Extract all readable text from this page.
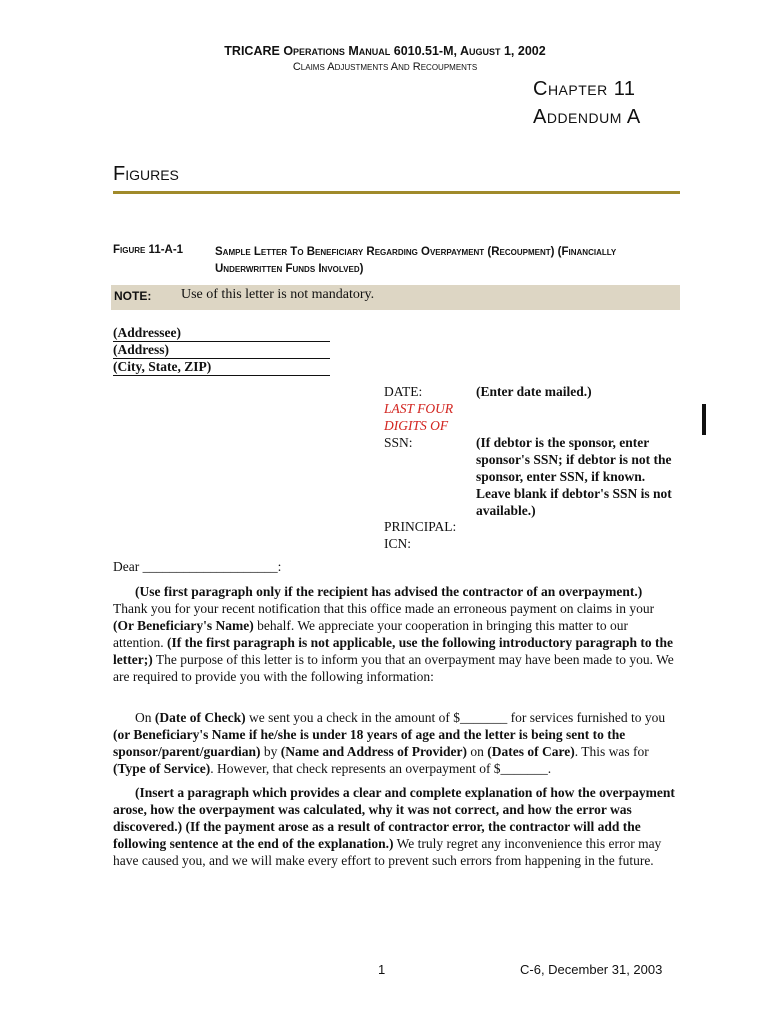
TRICARE Operations Manual 6010.51-M, August 1, 2002
Claims Adjustments And Recoupments
Chapter 11
Addendum A
Figures
Figure 11-A-1	Sample Letter To Beneficiary Regarding Overpayment (Recoupment) (Financially Underwritten Funds Involved)
NOTE: Use of this letter is not mandatory.
(Addressee)
(Address)
(City, State, ZIP)
DATE:	(Enter date mailed.)
LAST FOUR DIGITS OF
SSN:	(If debtor is the sponsor, enter sponsor's SSN; if debtor is not the sponsor, enter SSN, if known. Leave blank if debtor's SSN is not available.)
PRINCIPAL:
ICN:
Dear ____________________:
(Use first paragraph only if the recipient has advised the contractor of an overpayment.) Thank you for your recent notification that this office made an erroneous payment on claims in your (Or Beneficiary's Name) behalf. We appreciate your cooperation in bringing this matter to our attention. (If the first paragraph is not applicable, use the following introductory paragraph to the letter;) The purpose of this letter is to inform you that an overpayment may have been made to you. We are required to provide you with the following information:
On (Date of Check) we sent you a check in the amount of $_______ for services furnished to you (or Beneficiary's Name if he/she is under 18 years of age and the letter is being sent to the sponsor/parent/guardian) by (Name and Address of Provider) on (Dates of Care). This was for (Type of Service). However, that check represents an overpayment of $_______.
(Insert a paragraph which provides a clear and complete explanation of how the overpayment arose, how the overpayment was calculated, why it was not correct, and how the error was discovered.) (If the payment arose as a result of contractor error, the contractor will add the following sentence at the end of the explanation.) We truly regret any inconvenience this error may have caused you, and we will make every effort to prevent such errors from happening in the future.
1	C-6, December 31, 2003
